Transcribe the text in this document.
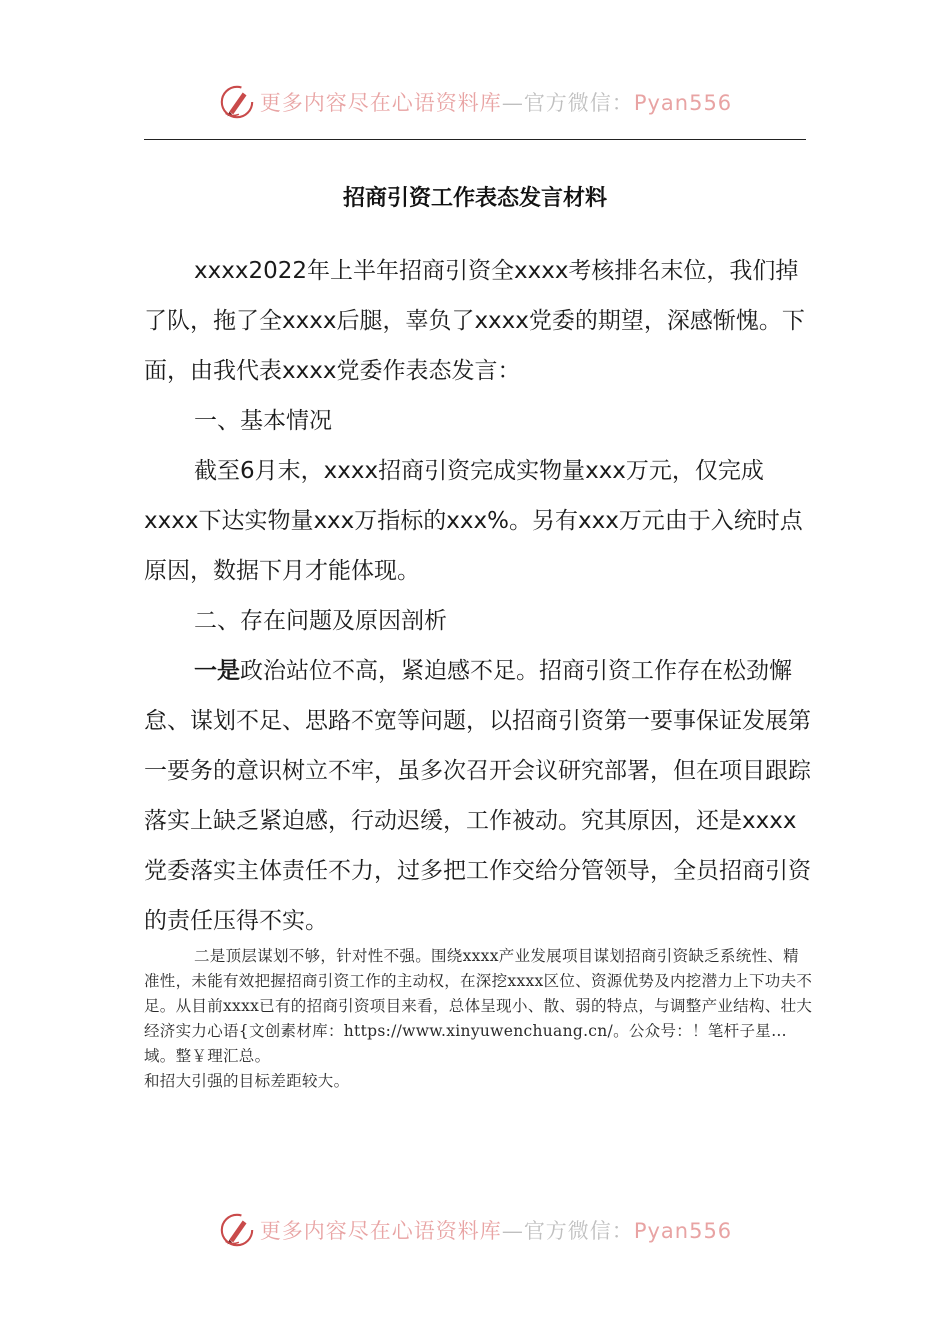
更多内容尽在心语资料库—官方微信：Pyan556
招商引资工作表态发言材料

xxxx2022年上半年招商引资全xxxx考核排名末位，我们掉了队，拖了全xxxx后腿，辜负了xxxx党委的期望，深感惭愧。下面，由我代表xxxx党委作表态发言：

一、基本情况

截至6月末，xxxx招商引资完成实物量xxx万元，仅完成xxxx下达实物量xxx万指标的xxx%。另有xxx万元由于入统时点原因，数据下月才能体现。

二、存在问题及原因剖析

一是政治站位不高，紧迫感不足。招商引资工作存在松劲懈怠、谋划不足、思路不宽等问题，以招商引资第一要事保证发展第一要务的意识树立不牢，虽多次召开会议研究部署，但在项目跟踪落实上缺乏紧迫感，行动迟缓，工作被动。究其原因，还是xxxx党委落实主体责任不力，过多把工作交给分管领导，全员招商引资的责任压得不实。

二是顶层谋划不够，针对性不强。围绕xxxx产业发展项目谋划招商引资缺乏系统性、精准性，未能有效把握招商引资工作的主动权，在深挖xxxx区位、资源优势及内挖潜力上下功夫不足。从目前xxxx已有的招商引资项目来看，总体呈现小、散、弱的特点，与调整产业结构、壮大经济实力心语{文创素材库：https://www.xinyuwenchuang.cn/。公众号：！笔杆子星…域。整￥理汇总。

和招大引强的目标差距较大。

更多内容尽在心语资料库—官方微信：Pyan556
